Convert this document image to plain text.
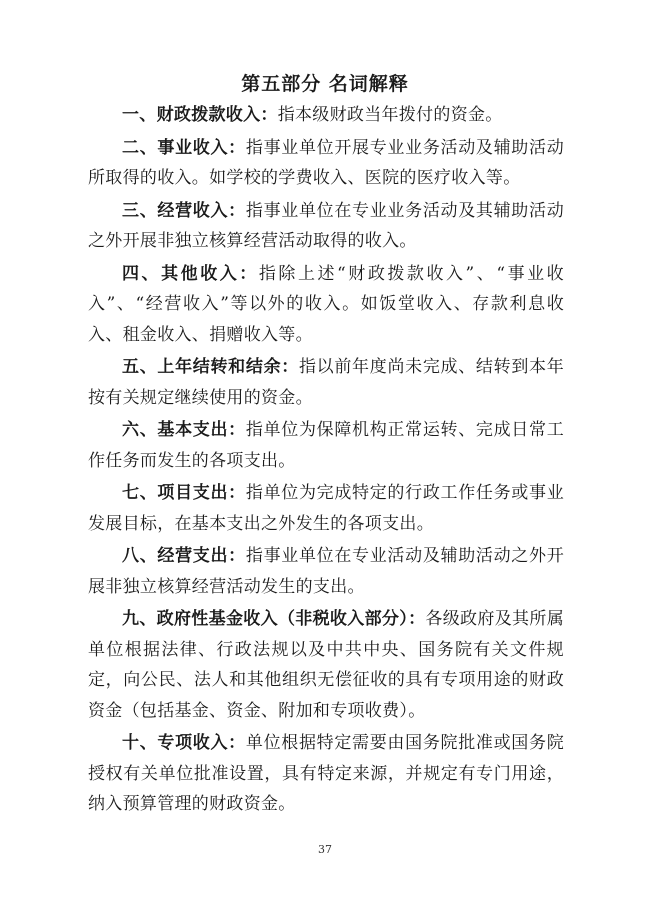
第五部分 名词解释

一、财政拨款收入：指本级财政当年拨付的资金。

二、事业收入：指事业单位开展专业业务活动及辅助活动所取得的收入。如学校的学费收入、医院的医疗收入等。

三、经营收入：指事业单位在专业业务活动及其辅助活动之外开展非独立核算经营活动取得的收入。

四、其他收入：指除上述“财政拨款收入”、“事业收入”、“经营收入”等以外的收入。如饭堂收入、存款利息收入、租金收入、捐赠收入等。

五、上年结转和结余：指以前年度尚未完成、结转到本年按有关规定继续使用的资金。

六、基本支出：指单位为保障机构正常运转、完成日常工作任务而发生的各项支出。

七、项目支出：指单位为完成特定的行政工作任务或事业发展目标，在基本支出之外发生的各项支出。

八、经营支出：指事业单位在专业活动及辅助活动之外开展非独立核算经营活动发生的支出。

九、政府性基金收入（非税收入部分）：各级政府及其所属单位根据法律、行政法规以及中共中央、国务院有关文件规定，向公民、法人和其他组织无偿征收的具有专项用途的财政资金（包括基金、资金、附加和专项收费）。

十、专项收入：单位根据特定需要由国务院批准或国务院授权有关单位批准设置，具有特定来源，并规定有专门用途，纳入预算管理的财政资金。

37
